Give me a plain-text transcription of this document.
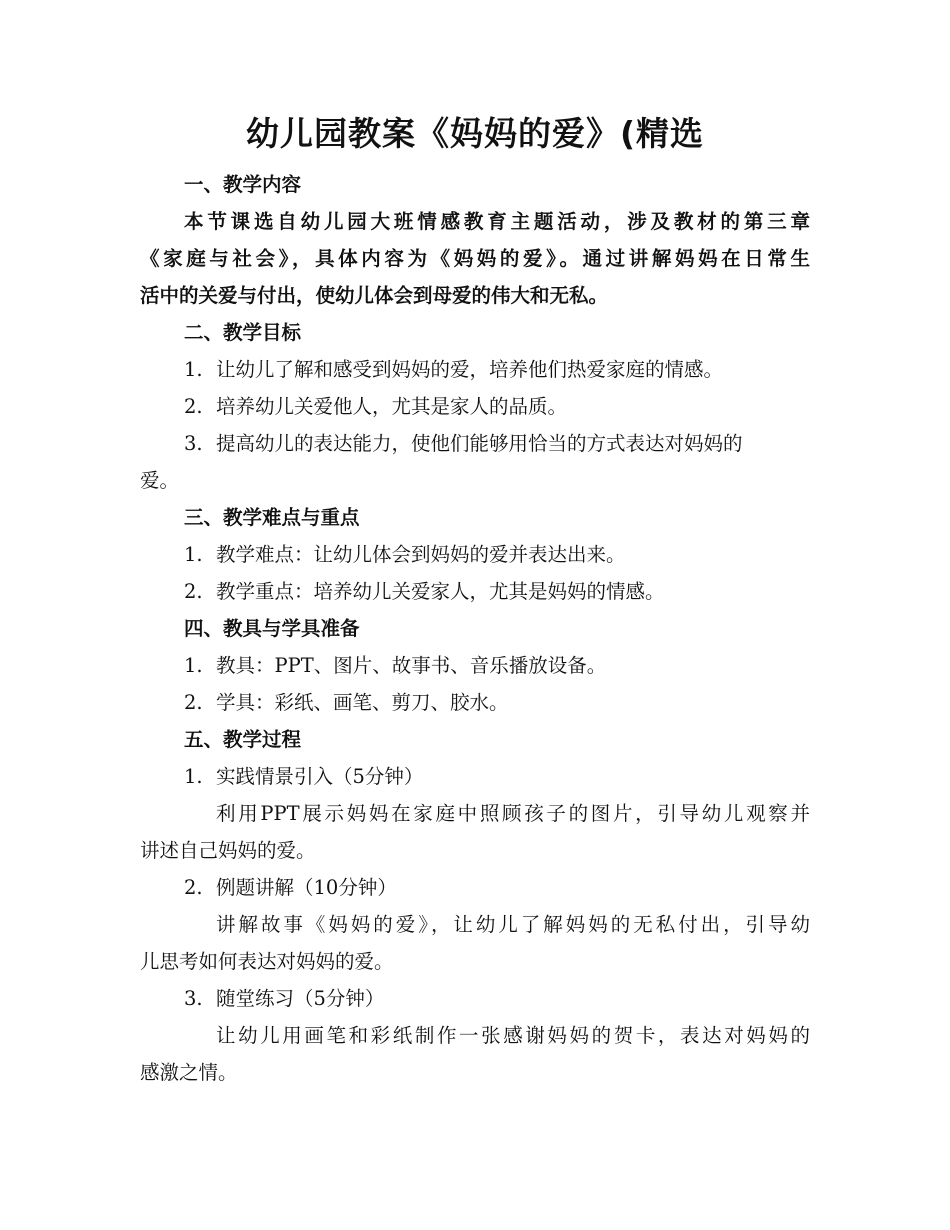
幼儿园教案《妈妈的爱》(精选
一、教学内容
本节课选自幼儿园大班情感教育主题活动，涉及教材的第三章
《家庭与社会》，具体内容为《妈妈的爱》。通过讲解妈妈在日常生
活中的关爱与付出，使幼儿体会到母爱的伟大和无私。
二、教学目标
1. 让幼儿了解和感受到妈妈的爱，培养他们热爱家庭的情感。
2. 培养幼儿关爱他人，尤其是家人的品质。
3. 提高幼儿的表达能力，使他们能够用恰当的方式表达对妈妈的
爱。
三、教学难点与重点
1. 教学难点：让幼儿体会到妈妈的爱并表达出来。
2. 教学重点：培养幼儿关爱家人，尤其是妈妈的情感。
四、教具与学具准备
1. 教具：PPT、图片、故事书、音乐播放设备。
2. 学具：彩纸、画笔、剪刀、胶水。
五、教学过程
1. 实践情景引入（5分钟）
利用PPT展示妈妈在家庭中照顾孩子的图片，引导幼儿观察并
讲述自己妈妈的爱。
2. 例题讲解（10分钟）
讲解故事《妈妈的爱》，让幼儿了解妈妈的无私付出，引导幼
儿思考如何表达对妈妈的爱。
3. 随堂练习（5分钟）
让幼儿用画笔和彩纸制作一张感谢妈妈的贺卡，表达对妈妈的
感激之情。
